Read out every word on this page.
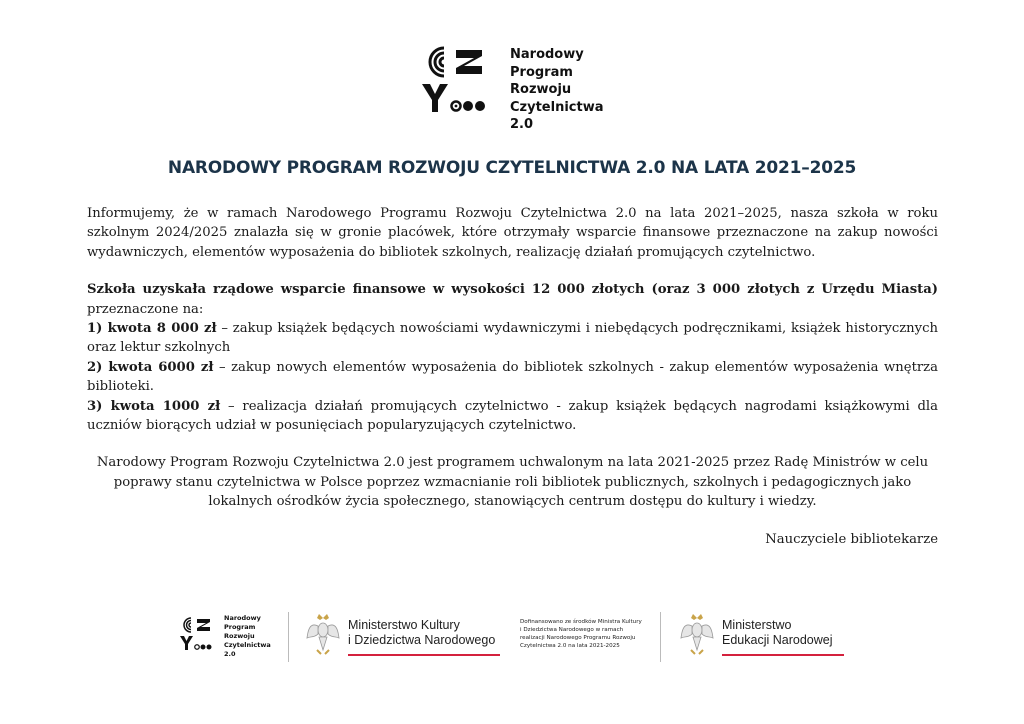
Narodowy
Program
Rozwoju
Czytelnictwa
2.0
NARODOWY PROGRAM ROZWOJU CZYTELNICTWA 2.0 NA LATA 2021–2025

Informujemy, że w ramach Narodowego Programu Rozwoju Czytelnictwa 2.0 na lata 2021–2025, nasza szkoła w roku szkolnym 2024/2025 znalazła się w gronie placówek, które otrzymały wsparcie finansowe przeznaczone na zakup nowości wydawniczych, elementów wyposażenia do bibliotek szkolnych, realizację działań promujących czytelnictwo.

Szkoła uzyskała rządowe wsparcie finansowe w wysokości 12 000 złotych (oraz 3 000 złotych z Urzędu Miasta) przeznaczone na:

1) kwota 8 000 zł – zakup książek będących nowościami wydawniczymi i niebędących podręcznikami, książek historycznych oraz lektur szkolnych

2) kwota 6000 zł – zakup nowych elementów wyposażenia do bibliotek szkolnych - zakup elementów wyposażenia wnętrza biblioteki.

3) kwota 1000 zł – realizacja działań promujących czytelnictwo - zakup książek będących nagrodami książkowymi dla uczniów biorących udział w posunięciach popularyzujących czytelnictwo.

Narodowy Program Rozwoju Czytelnictwa 2.0 jest programem uchwalonym na lata 2021-2025 przez Radę Ministrów w celu poprawy stanu czytelnictwa w Polsce poprzez wzmacnianie roli bibliotek publicznych, szkolnych i pedagogicznych jako lokalnych ośrodków życia społecznego, stanowiących centrum dostępu do kultury i wiedzy.

Nauczyciele bibliotekarze

Narodowy
Program
Rozwoju
Czytelnictwa
2.0
Ministerstwo Kultury
i Dziedzictwa Narodowego
Dofinansowano ze środków Ministra Kultury
i Dziedzictwa Narodowego w ramach
realizacji Narodowego Programu Rozwoju
Czytelnictwa 2.0 na lata 2021-2025
Ministerstwo
Edukacji Narodowej
